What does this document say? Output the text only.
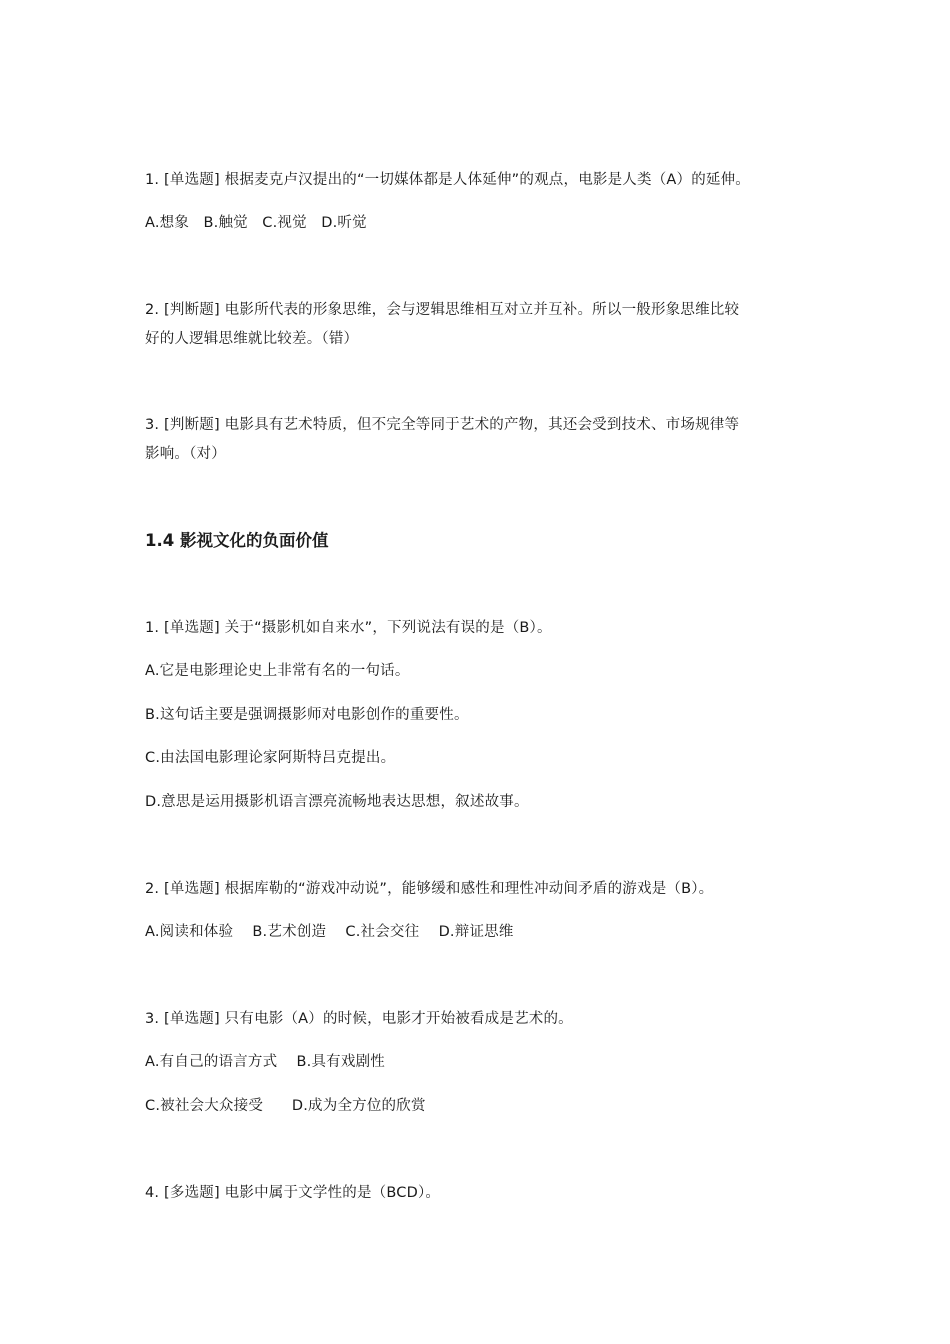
1. [单选题] 根据麦克卢汉提出的“一切媒体都是人体延伸”的观点，电影是人类（A）的延伸。
A.想象   B.触觉   C.视觉   D.听觉
2. [判断题] 电影所代表的形象思维，会与逻辑思维相互对立并互补。所以一般形象思维比较
好的人逻辑思维就比较差。（错）
3. [判断题] 电影具有艺术特质，但不完全等同于艺术的产物，其还会受到技术、市场规律等
影响。（对）
1.4 影视文化的负面价值
1. [单选题] 关于“摄影机如自来水”，下列说法有误的是（B）。
A.它是电影理论史上非常有名的一句话。
B.这句话主要是强调摄影师对电影创作的重要性。
C.由法国电影理论家阿斯特吕克提出。
D.意思是运用摄影机语言漂亮流畅地表达思想，叙述故事。
2. [单选题] 根据库勒的“游戏冲动说”，能够缓和感性和理性冲动间矛盾的游戏是（B）。
A.阅读和体验    B.艺术创造    C.社会交往    D.辩证思维
3. [单选题] 只有电影（A）的时候，电影才开始被看成是艺术的。
A.有自己的语言方式    B.具有戏剧性
C.被社会大众接受      D.成为全方位的欣赏
4. [多选题] 电影中属于文学性的是（BCD）。
